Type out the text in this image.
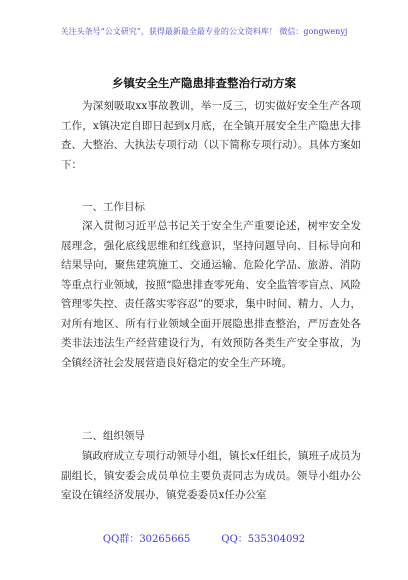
关注头条号“公文研究”，获得最新最全最专业的公文资料库！ 微信：gongwenyj
乡镇安全生产隐患排查整治行动方案

为深刻吸取xx事故教训，举一反三，切实做好安全生产各项工作，x镇决定自即日起到x月底，在全镇开展安全生产隐患大排查、大整治、大执法专项行动（以下简称专项行动）。具体方案如下：

一、工作目标

深入贯彻习近平总书记关于安全生产重要论述，树牢安全发展理念，强化底线思维和红线意识，坚持问题导向、目标导向和结果导向，聚焦建筑施工、交通运输、危险化学品、旅游、消防等重点行业领域，按照“隐患排查零死角、安全监管零盲点、风险管理零失控、责任落实零容忍”的要求，集中时间、精力、人力，对所有地区、所有行业领域全面开展隐患排查整治，严厉查处各类非法违法生产经营建设行为，有效预防各类生产安全事故，为全镇经济社会发展营造良好稳定的安全生产环境。

二、组织领导

镇政府成立专项行动领导小组，镇长x任组长，镇班子成员为副组长，镇安委会成员单位主要负责同志为成员。领导小组办公室设在镇经济发展办，镇党委委员x任办公室

QQ群：30265665	QQ：535304092
